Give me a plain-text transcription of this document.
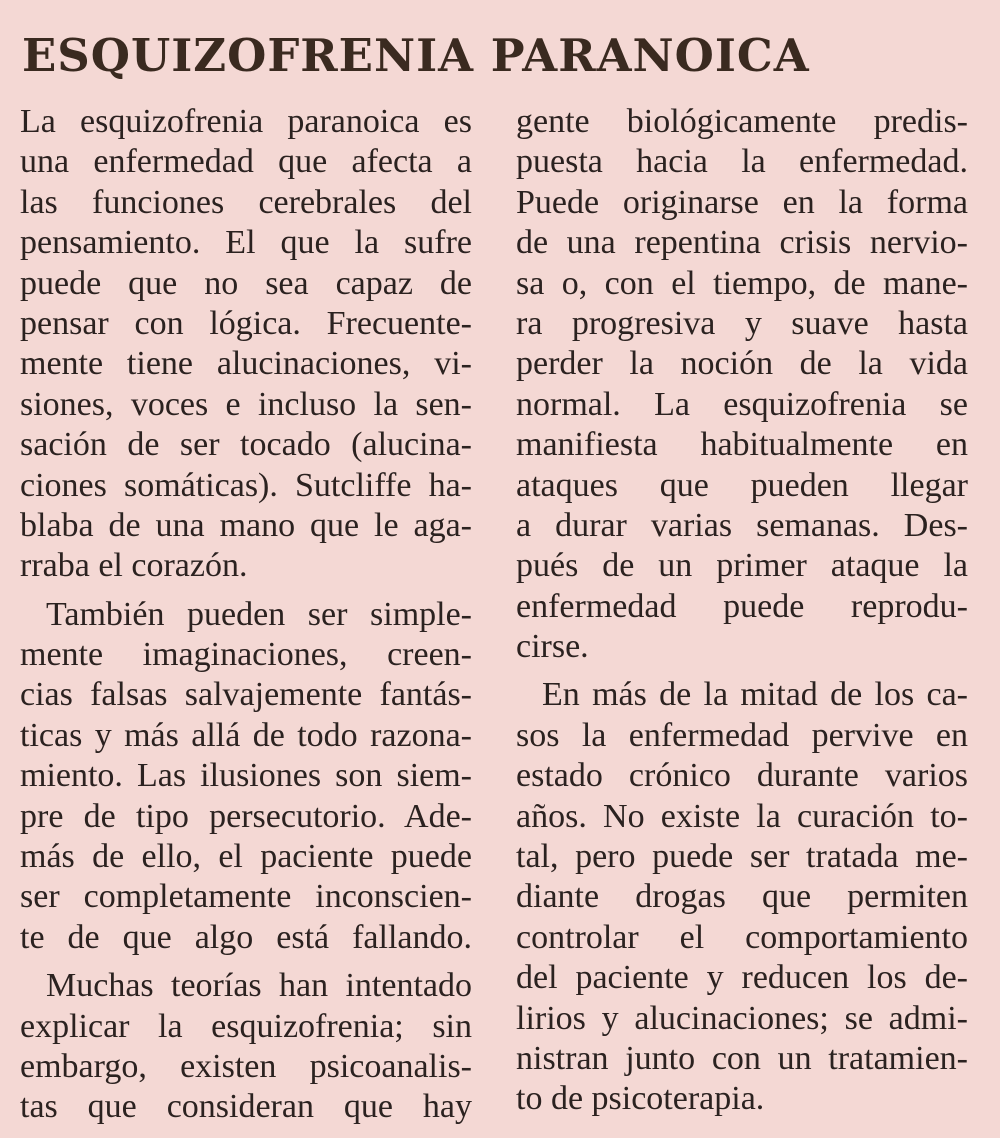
ESQUIZOFRENIA PARANOICA
La esquizofrenia paranoica es
una enfermedad que afecta a
las funciones cerebrales del
pensamiento. El que la sufre
puede que no sea capaz de
pensar con lógica. Frecuente-
mente tiene alucinaciones, vi-
siones, voces e incluso la sen-
sación de ser tocado (alucina-
ciones somáticas). Sutcliffe ha-
blaba de una mano que le aga-
rraba el corazón.
También pueden ser simple-
mente imaginaciones, creen-
cias falsas salvajemente fantás-
ticas y más allá de todo razona-
miento. Las ilusiones son siem-
pre de tipo persecutorio. Ade-
más de ello, el paciente puede
ser completamente inconscien-
te de que algo está fallando.
Muchas teorías han intentado
explicar la esquizofrenia; sin
embargo, existen psicoanalis-
tas que consideran que hay
gente biológicamente predis-
puesta hacia la enfermedad.
Puede originarse en la forma
de una repentina crisis nervio-
sa o, con el tiempo, de mane-
ra progresiva y suave hasta
perder la noción de la vida
normal. La esquizofrenia se
manifiesta habitualmente en
ataques que pueden llegar
a durar varias semanas. Des-
pués de un primer ataque la
enfermedad puede reprodu-
cirse.
En más de la mitad de los ca-
sos la enfermedad pervive en
estado crónico durante varios
años. No existe la curación to-
tal, pero puede ser tratada me-
diante drogas que permiten
controlar el comportamiento
del paciente y reducen los de-
lirios y alucinaciones; se admi-
nistran junto con un tratamien-
to de psicoterapia.
